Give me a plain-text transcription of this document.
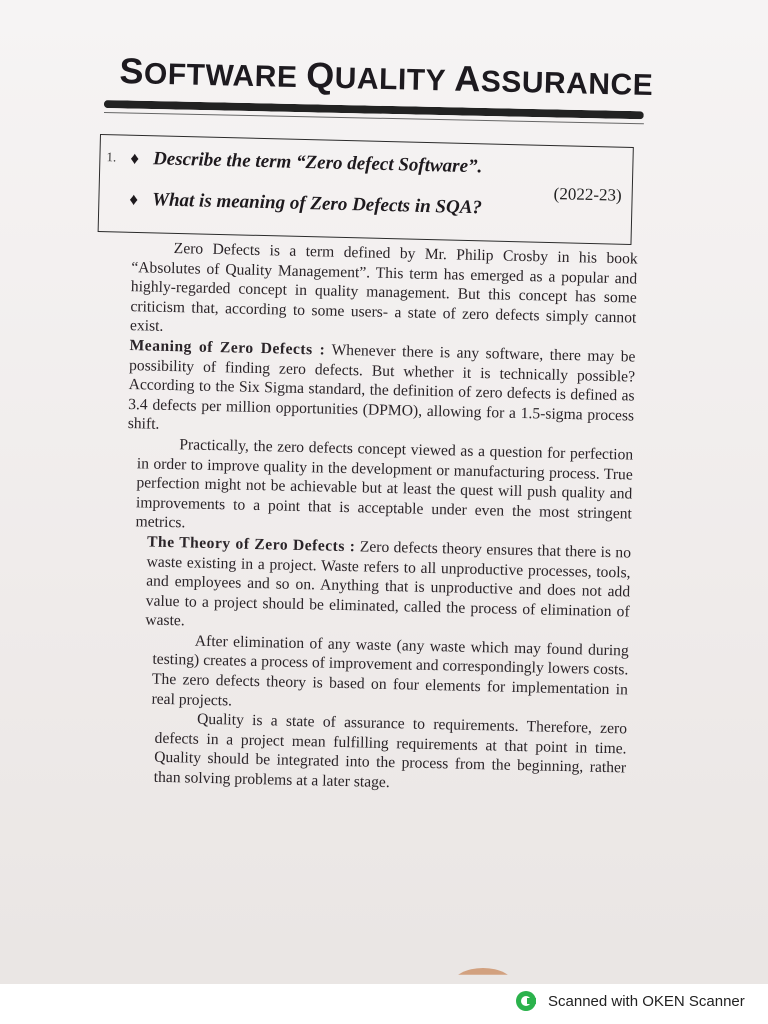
SOFTWARE QUALITY ASSURANCE
1. ♦ Describe the term “Zero defect Software”.
(2022-23)
♦ What is meaning of Zero Defects in SQA?

Zero Defects is a term defined by Mr. Philip Crosby in his book “Absolutes of Quality Management”. This term has emerged as a popular and highly-regarded concept in quality management. But this concept has some criticism that, according to some users- a state of zero defects simply cannot exist.

Meaning of Zero Defects : Whenever there is any software, there may be possibility of finding zero defects. But whether it is technically possible? According to the Six Sigma standard, the definition of zero defects is defined as 3.4 defects per million opportunities (DPMO), allowing for a 1.5-sigma process shift.

Practically, the zero defects concept viewed as a question for perfection in order to improve quality in the development or manufacturing process. True perfection might not be achievable but at least the quest will push quality and improvements to a point that is acceptable under even the most stringent metrics.

The Theory of Zero Defects : Zero defects theory ensures that there is no waste existing in a project. Waste refers to all unproductive processes, tools, and employees and so on. Anything that is unproductive and does not add value to a project should be eliminated, called the process of elimination of waste.

After elimination of any waste (any waste which may found during testing) creates a process of improvement and correspondingly lowers costs. The zero defects theory is based on four elements for implementation in real projects.

Quality is a state of assurance to requirements. Therefore, zero defects in a project mean fulfilling requirements at that point in time. Quality should be integrated into the process from the beginning, rather than solving problems at a later stage.

Scanned with OKEN Scanner
